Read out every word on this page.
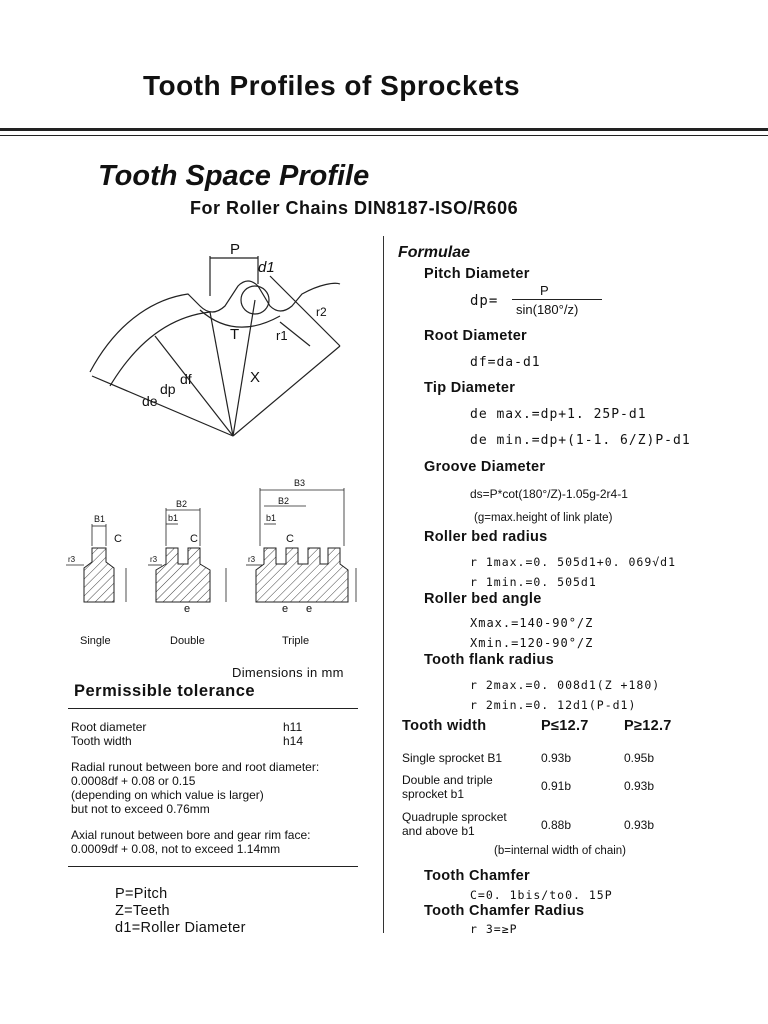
Tooth Profiles of Sprockets
Tooth Space Profile
For Roller Chains DIN8187-ISO/R606
P
d1
r2
T	r1
X
df
dp
de
B1
B2
b1
B3
B2
b1
C	C	C
r3	r3	r3
e	e e
Single	Double	Triple
Dimensions in mm
Permissible tolerance
Root diameter	h11
Tooth width	h14
Radial runout between bore and root diameter:
0.0008df + 0.08 or 0.15
(depending on which value is larger)
but not to exceed 0.76mm
Axial runout between bore and gear rim face:
0.0009df + 0.08, not to exceed 1.14mm
P=Pitch
Z=Teeth
d1=Roller Diameter
Formulae
Pitch Diameter
dp=
P
sin(180°/z)
Root Diameter
df=da-d1
Tip Diameter
de max.=dp+1. 25P-d1
de min.=dp+(1-1. 6/Z)P-d1
Groove Diameter
ds=P*cot(180°/Z)-1.05g-2r4-1
(g=max.height of link plate)
Roller bed radius
r 1max.=0. 505d1+0. 069√d1
r 1min.=0. 505d1
Roller bed angle
Xmax.=140-90°/Z
Xmin.=120-90°/Z
Tooth flank radius
r 2max.=0. 008d1(Z +180)
r 2min.=0. 12d1(P-d1)
Tooth width	P≤12.7 P≥12.7
Single sprocket B1	0.93b	0.95b
Double and triple
sprocket b1
0.91b	0.93b
Quadruple sprocket
and above b1	0.88b	0.93b
(b=internal width of chain)
Tooth Chamfer
C=0. 1bis/to0. 15P
Tooth Chamfer Radius
r 3=≥P
